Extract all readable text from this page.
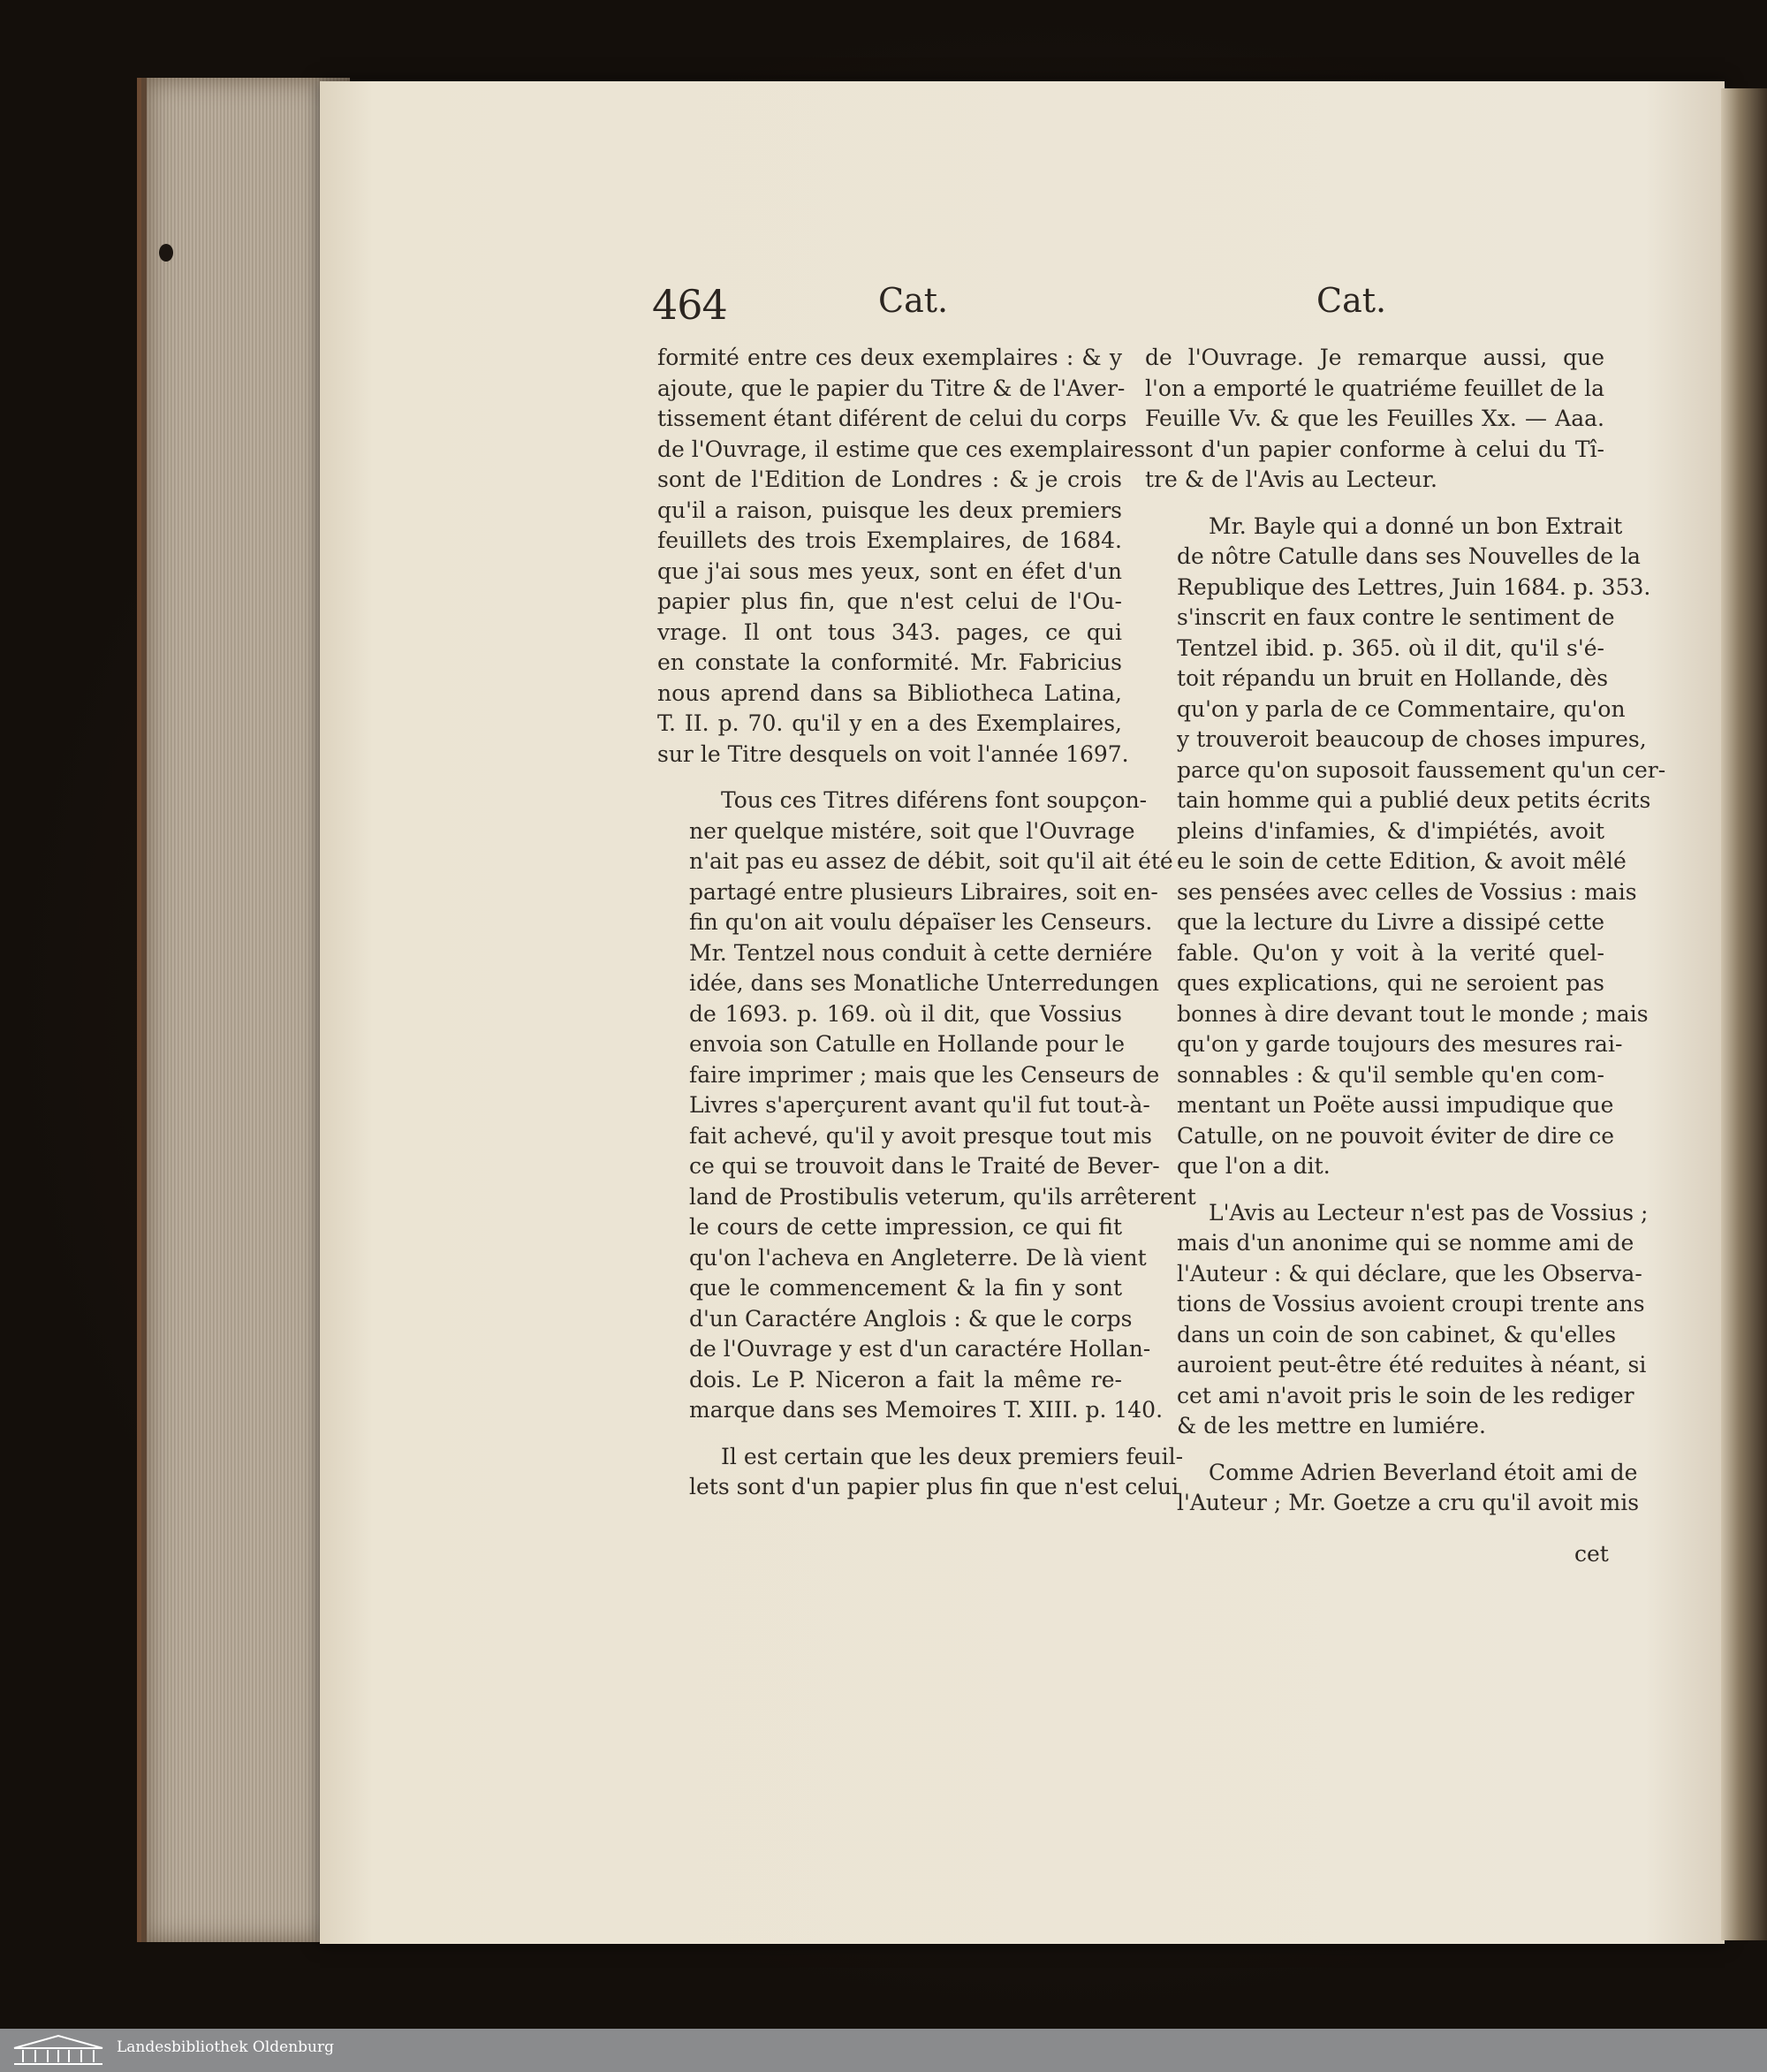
464	Cat.	Cat.
formité entre ces deux exemplaires : & y
ajoute, que le papier du Titre & de l'Aver-
tissement étant diférent de celui du corps
de l'Ouvrage, il estime que ces exemplaires
sont de l'Edition de Londres : & je crois
qu'il a raison, puisque les deux premiers
feuillets des trois Exemplaires, de 1684.
que j'ai sous mes yeux, sont en éfet d'un
papier plus fin, que n'est celui de l'Ou-
vrage. Il ont tous 343. pages, ce qui
en constate la conformité. Mr. Fabricius
nous aprend dans sa Bibliotheca Latina,
T. II. p. 70. qu'il y en a des Exemplaires,
sur le Titre desquels on voit l'année 1697.
Tous ces Titres diférens font soupçon-
ner quelque mistére, soit que l'Ouvrage
n'ait pas eu assez de débit, soit qu'il ait été
partagé entre plusieurs Libraires, soit en-
fin qu'on ait voulu dépaïser les Censeurs.
Mr. Tentzel nous conduit à cette derniére
idée, dans ses Monatliche Unterredungen
de 1693. p. 169. où il dit, que Vossius
envoia son Catulle en Hollande pour le
faire imprimer ; mais que les Censeurs de
Livres s'aperçurent avant qu'il fut tout-à-
fait achevé, qu'il y avoit presque tout mis
ce qui se trouvoit dans le Traité de Bever-
land de Prostibulis veterum, qu'ils arrêterent
le cours de cette impression, ce qui fit
qu'on l'acheva en Angleterre. De là vient
que le commencement & la fin y sont
d'un Caractére Anglois : & que le corps
de l'Ouvrage y est d'un caractére Hollan-
dois. Le P. Niceron a fait la même re-
marque dans ses Memoires T. XIII. p. 140.
Il est certain que les deux premiers feuil-
lets sont d'un papier plus fin que n'est celui
de l'Ouvrage. Je remarque aussi, que
l'on a emporté le quatriéme feuillet de la
Feuille Vv. & que les Feuilles Xx. — Aaa.
sont d'un papier conforme à celui du Tî-
tre & de l'Avis au Lecteur.
Mr. Bayle qui a donné un bon Extrait
de nôtre Catulle dans ses Nouvelles de la
Republique des Lettres, Juin 1684. p. 353.
s'inscrit en faux contre le sentiment de
Tentzel ibid. p. 365. où il dit, qu'il s'é-
toit répandu un bruit en Hollande, dès
qu'on y parla de ce Commentaire, qu'on
y trouveroit beaucoup de choses impures,
parce qu'on suposoit faussement qu'un cer-
tain homme qui a publié deux petits écrits
pleins d'infamies, & d'impiétés, avoit
eu le soin de cette Edition, & avoit mêlé
ses pensées avec celles de Vossius : mais
que la lecture du Livre a dissipé cette
fable. Qu'on y voit à la verité quel-
ques explications, qui ne seroient pas
bonnes à dire devant tout le monde ; mais
qu'on y garde toujours des mesures rai-
sonnables : & qu'il semble qu'en com-
mentant un Poëte aussi impudique que
Catulle, on ne pouvoit éviter de dire ce
que l'on a dit.
L'Avis au Lecteur n'est pas de Vossius ;
mais d'un anonime qui se nomme ami de
l'Auteur : & qui déclare, que les Observa-
tions de Vossius avoient croupi trente ans
dans un coin de son cabinet, & qu'elles
auroient peut-être été reduites à néant, si
cet ami n'avoit pris le soin de les rediger
& de les mettre en lumiére.
Comme Adrien Beverland étoit ami de
l'Auteur ; Mr. Goetze a cru qu'il avoit mis
cet
Landesbibliothek Oldenburg
